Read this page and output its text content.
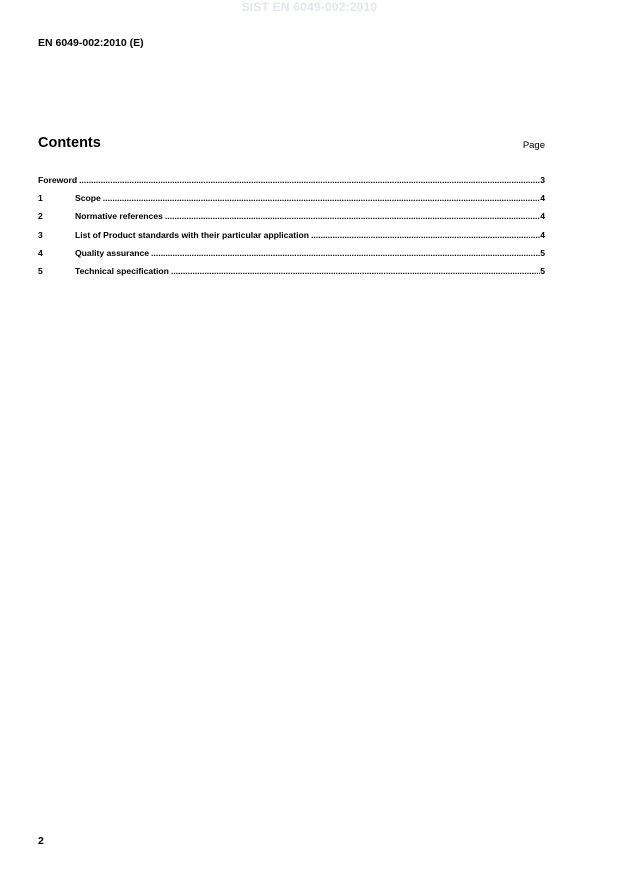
SIST EN 6049-002:2010
EN 6049-002:2010 (E)
Contents	Page
Foreword .....	3
1	Scope .....	4
2	Normative references .....	4
3	List of Product standards with their particular application .....	4
4	Quality assurance .....	5
5	Technical specification .....	5
2
